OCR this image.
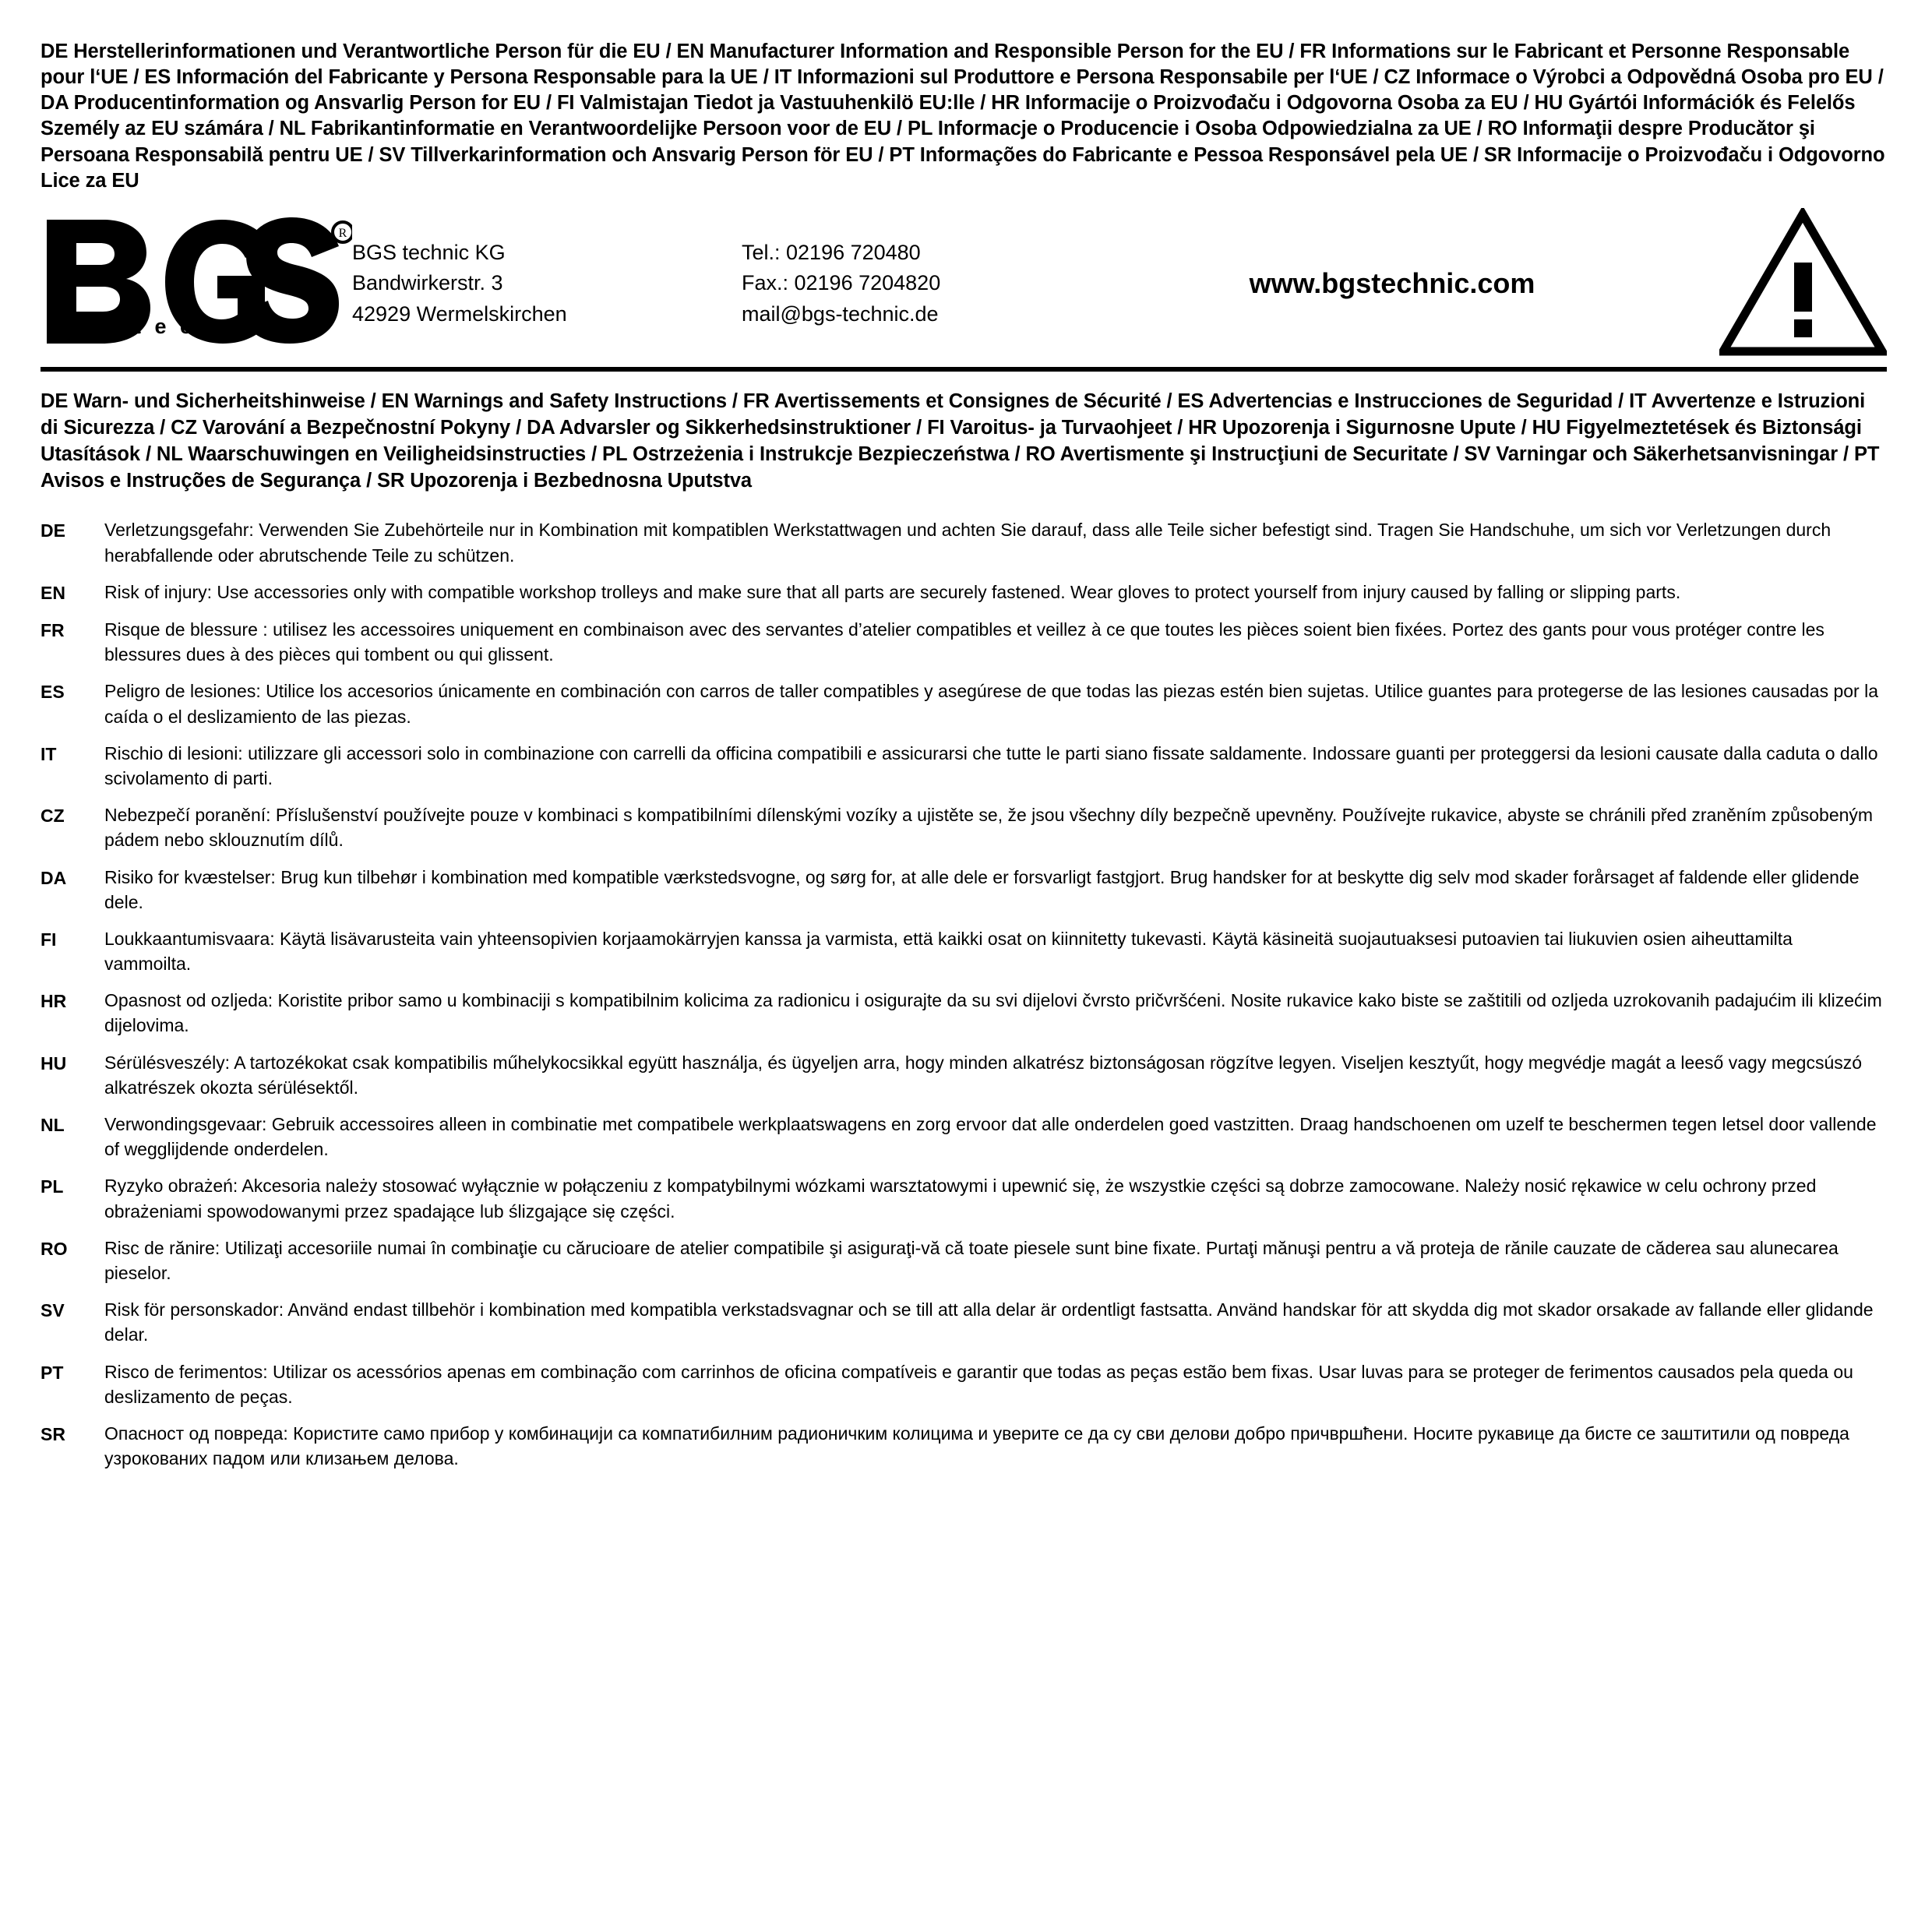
DE Herstellerinformationen und Verantwortliche Person für die EU / EN Manufacturer Information and Responsible Person for the EU / FR Informations sur le Fabricant et Personne Responsable pour l‘UE / ES Información del Fabricante y Persona Responsable para la UE / IT Informazioni sul Produttore e Persona Responsabile per l‘UE / CZ Informace o Výrobci a Odpovědná Osoba pro EU / DA Producentinformation og Ansvarlig Person for EU / FI Valmistajan Tiedot ja Vastuuhenkilö EU:lle / HR Informacije o Proizvođaču i Odgovorna Osoba za EU / HU Gyártói Információk és Felelős Személy az EU számára / NL Fabrikantinformatie en Verantwoordelijke Persoon voor de EU / PL Informacje o Producencie i Osoba Odpowiedzialna za UE / RO Informaţii despre Producător şi Persoana Responsabilă pentru UE / SV Tillverkarinformation och Ansvarig Person för EU / PT Informações do Fabricante e Pessoa Responsável pela UE / SR Informacije o Proizvođaču i Odgovorno Lice za EU
R
t e c h n i c
BGS technic KG
Bandwirkerstr. 3
42929 Wermelskirchen
Tel.: 02196 720480
Fax.: 02196 7204820
mail@bgs-technic.de
www.bgstechnic.com
DE Warn- und Sicherheitshinweise / EN Warnings and Safety Instructions / FR Avertissements et Consignes de Sécurité / ES Advertencias e Instrucciones de Seguridad / IT Avvertenze e Istruzioni di Sicurezza / CZ Varování a Bezpečnostní Pokyny / DA Advarsler og Sikkerhedsinstruktioner / FI Varoitus- ja Turvaohjeet / HR Upozorenja i Sigurnosne Upute / HU Figyelmeztetések és Biztonsági Utasítások / NL Waarschuwingen en Veiligheidsinstructies / PL Ostrzeżenia i Instrukcje Bezpieczeństwa / RO Avertismente şi Instrucţiuni de Securitate / SV Varningar och Säkerhetsanvisningar / PT Avisos e Instruções de Segurança / SR Upozorenja i Bezbednosna Uputstva
DE	Verletzungsgefahr: Verwenden Sie Zubehörteile nur in Kombination mit kompatiblen Werkstattwagen und achten Sie darauf, dass alle Teile sicher befestigt sind. Tragen Sie Handschuhe, um sich vor Verletzungen durch herabfallende oder abrutschende Teile zu schützen.
EN	Risk of injury: Use accessories only with compatible workshop trolleys and make sure that all parts are securely fastened. Wear gloves to protect yourself from injury caused by falling or slipping parts.
FR	Risque de blessure : utilisez les accessoires uniquement en combinaison avec des servantes d’atelier compatibles et veillez à ce que toutes les pièces soient bien fixées. Portez des gants pour vous protéger contre les blessures dues à des pièces qui tombent ou qui glissent.
ES	Peligro de lesiones: Utilice los accesorios únicamente en combinación con carros de taller compatibles y asegúrese de que todas las piezas estén bien sujetas. Utilice guantes para protegerse de las lesiones causadas por la caída o el deslizamiento de las piezas.
IT	Rischio di lesioni: utilizzare gli accessori solo in combinazione con carrelli da officina compatibili e assicurarsi che tutte le parti siano fissate saldamente. Indossare guanti per proteggersi da lesioni causate dalla caduta o dallo scivolamento di parti.
CZ	Nebezpečí poranění: Příslušenství používejte pouze v kombinaci s kompatibilními dílenskými vozíky a ujistěte se, že jsou všechny díly bezpečně upevněny. Používejte rukavice, abyste se chránili před zraněním způsobeným pádem nebo sklouznutím dílů.
DA	Risiko for kvæstelser: Brug kun tilbehør i kombination med kompatible værkstedsvogne, og sørg for, at alle dele er forsvarligt fastgjort. Brug handsker for at beskytte dig selv mod skader forårsaget af faldende eller glidende dele.
FI	Loukkaantumisvaara: Käytä lisävarusteita vain yhteensopivien korjaamokärryjen kanssa ja varmista, että kaikki osat on kiinnitetty tukevasti. Käytä käsineitä suojautuaksesi putoavien tai liukuvien osien aiheuttamilta vammoilta.
HR	Opasnost od ozljeda: Koristite pribor samo u kombinaciji s kompatibilnim kolicima za radionicu i osigurajte da su svi dijelovi čvrsto pričvršćeni. Nosite rukavice kako biste se zaštitili od ozljeda uzrokovanih padajućim ili klizećim dijelovima.
HU	Sérülésveszély: A tartozékokat csak kompatibilis műhelykocsikkal együtt használja, és ügyeljen arra, hogy minden alkatrész biztonságosan rögzítve legyen. Viseljen kesztyűt, hogy megvédje magát a leeső vagy megcsúszó alkatrészek okozta sérülésektől.
NL	Verwondingsgevaar: Gebruik accessoires alleen in combinatie met compatibele werkplaatswagens en zorg ervoor dat alle onderdelen goed vastzitten. Draag handschoenen om uzelf te beschermen tegen letsel door vallende of wegglijdende onderdelen.
PL	Ryzyko obrażeń: Akcesoria należy stosować wyłącznie w połączeniu z kompatybilnymi wózkami warsztatowymi i upewnić się, że wszystkie części są dobrze zamocowane. Należy nosić rękawice w celu ochrony przed obrażeniami spowodowanymi przez spadające lub ślizgające się części.
RO	Risc de rănire: Utilizaţi accesoriile numai în combinaţie cu cărucioare de atelier compatibile şi asiguraţi-vă că toate piesele sunt bine fixate. Purtaţi mănuşi pentru a vă proteja de rănile cauzate de căderea sau alunecarea pieselor.
SV	Risk för personskador: Använd endast tillbehör i kombination med kompatibla verkstadsvagnar och se till att alla delar är ordentligt fastsatta. Använd handskar för att skydda dig mot skador orsakade av fallande eller glidande delar.
PT	Risco de ferimentos: Utilizar os acessórios apenas em combinação com carrinhos de oficina compatíveis e garantir que todas as peças estão bem fixas. Usar luvas para se proteger de ferimentos causados pela queda ou deslizamento de peças.
SR	Опасност од повреда: Користите само прибор у комбинацији са компатибилним радионичким колицима и уверите се да су сви делови добро причвршћени. Носите рукавице да бисте се заштитили од повреда узрокованих падом или клизањем делова.
